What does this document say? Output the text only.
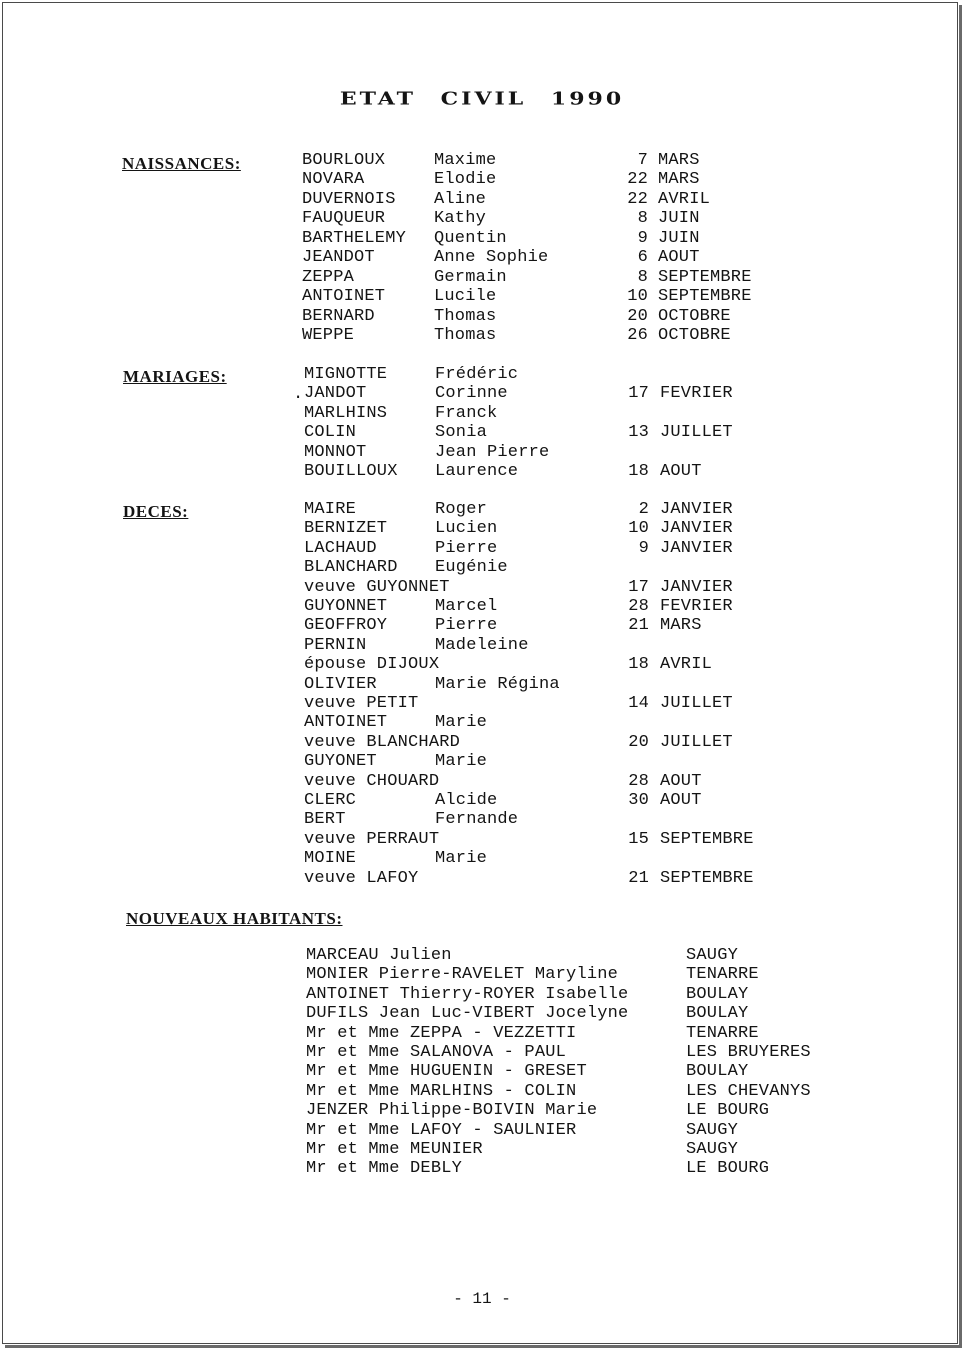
ETAT CIVIL 1990
NAISSANCES:
MARIAGES:
DECES:
NOUVEAUX HABITANTS:
BOURLOUX	Maxime	7 MARS
NOVARA	Elodie	22 MARS
DUVERNOIS Aline	22 AVRIL
FAUQUEUR	Kathy	8 JUIN
BARTHELEMY Quentin	9 JUIN
JEANDOT	Anne Sophie	6 AOUT
ZEPPA	Germain	8 SEPTEMBRE
ANTOINET	Lucile	10 SEPTEMBRE
BERNARD	Thomas	20 OCTOBRE
WEPPE	Thomas	26 OCTOBRE
MIGNOTTE	Frédéric
JANDOT	Corinne	17 FEVRIER
MARLHINS	Franck
COLIN	Sonia	13 JUILLET
MONNOT	Jean Pierre
BOUILLOUX Laurence	18 AOUT
MAIRE	Roger	2 JANVIER
BERNIZET	Lucien	10 JANVIER
LACHAUD	Pierre	9 JANVIER
BLANCHARD Eugénie
veuve GUYONNET	17 JANVIER
GUYONNET	Marcel	28 FEVRIER
GEOFFROY	Pierre	21 MARS
PERNIN	Madeleine
épouse DIJOUX	18 AVRIL
OLIVIER	Marie Régina
veuve PETIT	14 JUILLET
ANTOINET	Marie
veuve BLANCHARD	20 JUILLET
GUYONET	Marie
veuve CHOUARD	28 AOUT
CLERC	Alcide	30 AOUT
BERT	Fernande
veuve PERRAUT	15 SEPTEMBRE
MOINE	Marie
veuve LAFOY	21 SEPTEMBRE
MARCEAU Julien	SAUGY
MONIER Pierre-RAVELET Maryline	TENARRE
ANTOINET Thierry-ROYER Isabelle	BOULAY
DUFILS Jean Luc-VIBERT Jocelyne	BOULAY
Mr et Mme ZEPPA - VEZZETTI	TENARRE
Mr et Mme SALANOVA - PAUL	LES BRUYERES
Mr et Mme HUGUENIN - GRESET	BOULAY
Mr et Mme MARLHINS - COLIN	LES CHEVANYS
JENZER Philippe-BOIVIN Marie	LE BOURG
Mr et Mme LAFOY - SAULNIER	SAUGY
Mr et Mme MEUNIER	SAUGY
Mr et Mme DEBLY	LE BOURG
.
- 11 -
